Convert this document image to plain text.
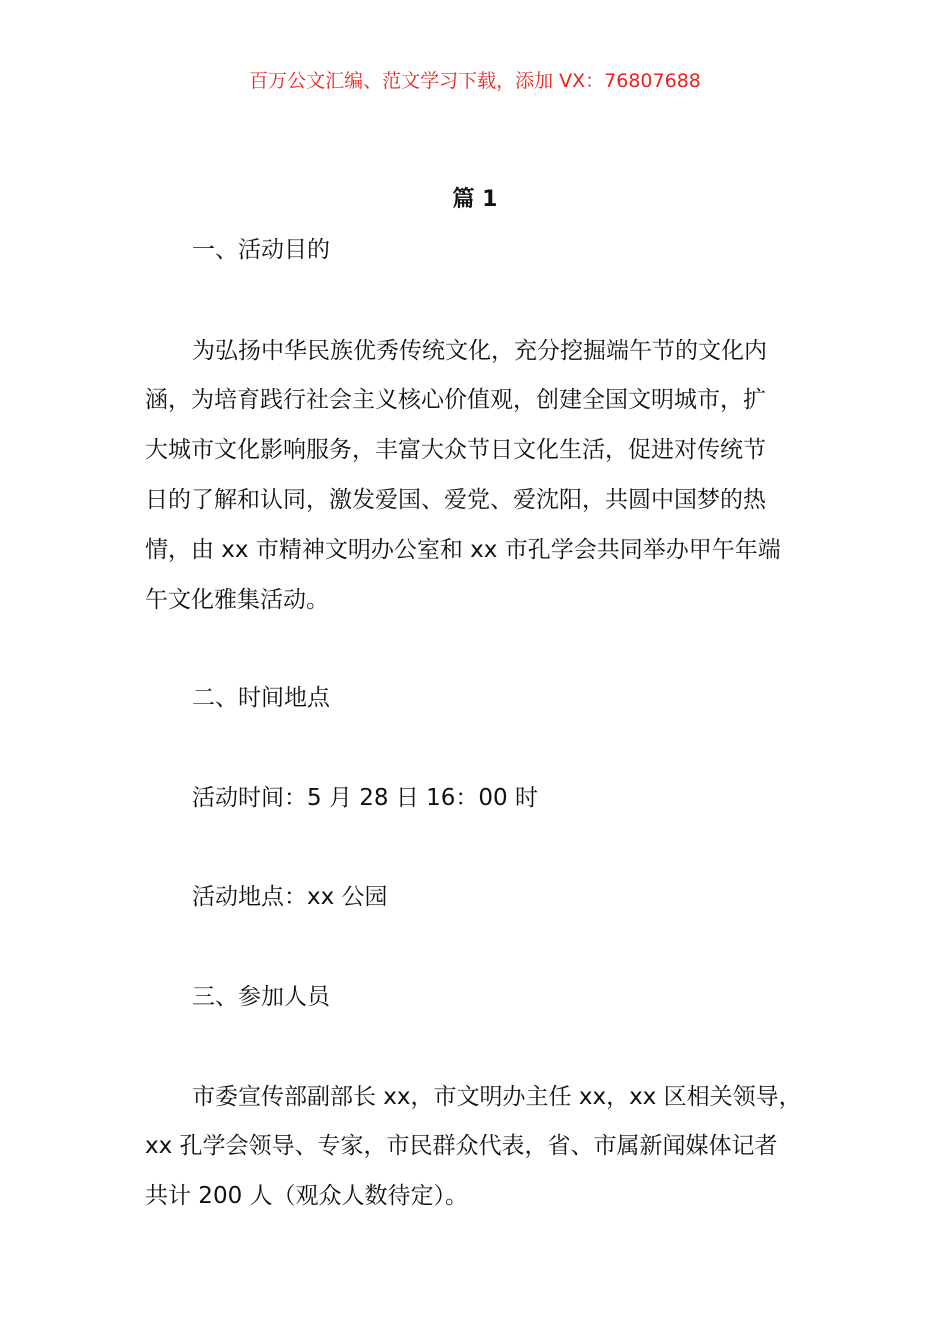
百万公文汇编、范文学习下载，添加 VX：76807688
篇 1
一、活动目的
为弘扬中华民族优秀传统文化，充分挖掘端午节的文化内
涵，为培育践行社会主义核心价值观，创建全国文明城市，扩
大城市文化影响服务，丰富大众节日文化生活，促进对传统节
日的了解和认同，激发爱国、爱党、爱沈阳，共圆中国梦的热
情，由 xx 市精神文明办公室和 xx 市孔学会共同举办甲午年端
午文化雅集活动。
二、时间地点
活动时间：5 月 28 日 16：00 时
活动地点：xx 公园
三、参加人员
市委宣传部副部长 xx，市文明办主任 xx，xx 区相关领导，
xx 孔学会领导、专家，市民群众代表，省、市属新闻媒体记者
共计 200 人（观众人数待定）。
